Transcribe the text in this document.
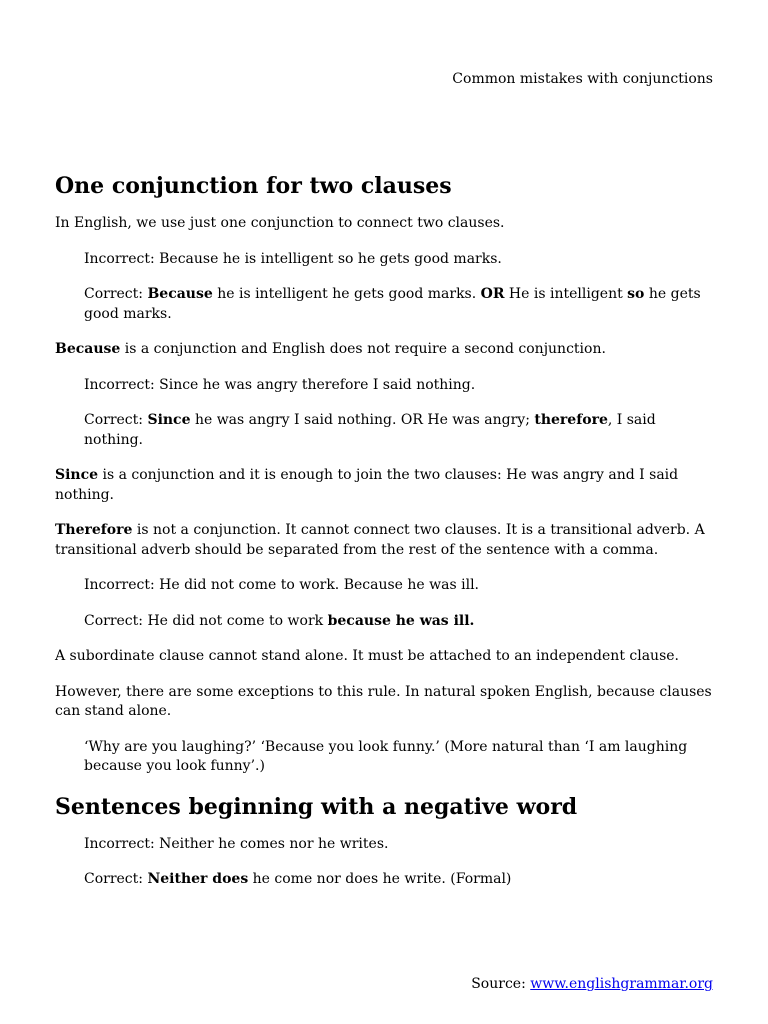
Common mistakes with conjunctions
One conjunction for two clauses

In English, we use just one conjunction to connect two clauses.

Incorrect: Because he is intelligent so he gets good marks.

Correct: Because he is intelligent he gets good marks. OR He is intelligent so he gets good marks.

Because is a conjunction and English does not require a second conjunction.

Incorrect: Since he was angry therefore I said nothing.

Correct: Since he was angry I said nothing. OR He was angry; therefore, I said nothing.

Since is a conjunction and it is enough to join the two clauses: He was angry and I said nothing.

Therefore is not a conjunction. It cannot connect two clauses. It is a transitional adverb. A transitional adverb should be separated from the rest of the sentence with a comma.

Incorrect: He did not come to work. Because he was ill.

Correct: He did not come to work because he was ill.

A subordinate clause cannot stand alone. It must be attached to an independent clause.

However, there are some exceptions to this rule. In natural spoken English, because clauses can stand alone.

‘Why are you laughing?’ ‘Because you look funny.’ (More natural than ‘I am laughing because you look funny’.)

Sentences beginning with a negative word

Incorrect: Neither he comes nor he writes.

Correct: Neither does he come nor does he write. (Formal)

Source: www.englishgrammar.org
